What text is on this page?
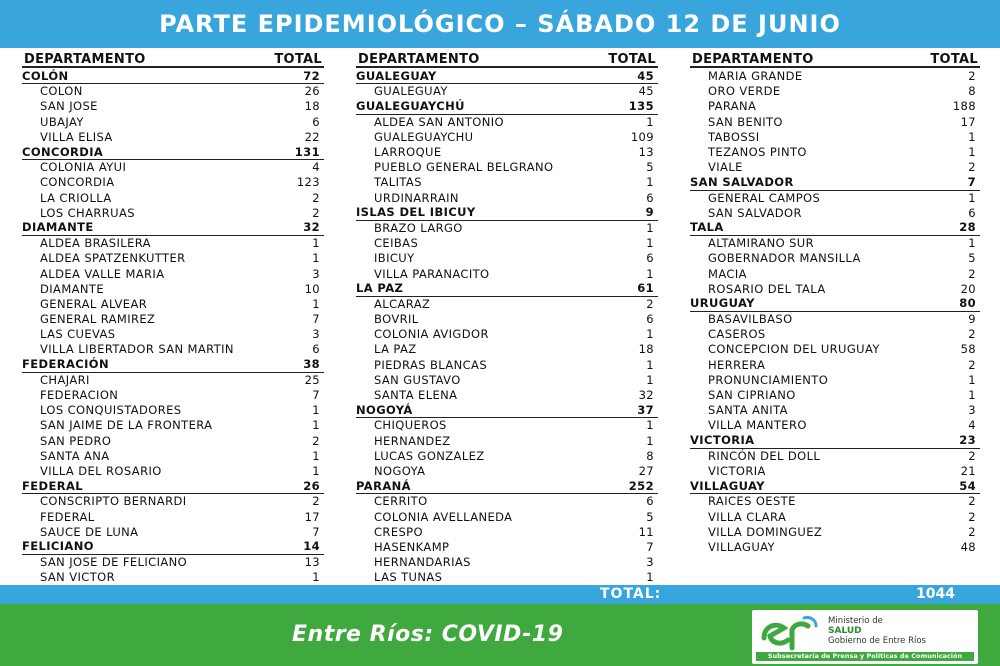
PARTE EPIDEMIOLÓGICO – SÁBADO 12 DE JUNIO
DEPARTAMENTO	TOTAL
COLÓN	72
COLON	26
SAN JOSE	18
UBAJAY	6
VILLA ELISA	22
CONCORDIA	131
COLONIA AYUI	4
CONCORDIA	123
LA CRIOLLA	2
LOS CHARRUAS	2
DIAMANTE	32
ALDEA BRASILERA	1
ALDEA SPATZENKUTTER	1
ALDEA VALLE MARIA	3
DIAMANTE	10
GENERAL ALVEAR	1
GENERAL RAMIREZ	7
LAS CUEVAS	3
VILLA LIBERTADOR SAN MARTIN	6
FEDERACIÓN	38
CHAJARI	25
FEDERACION	7
LOS CONQUISTADORES	1
SAN JAIME DE LA FRONTERA	1
SAN PEDRO	2
SANTA ANA	1
VILLA DEL ROSARIO	1
FEDERAL	26
CONSCRIPTO BERNARDI	2
FEDERAL	17
SAUCE DE LUNA	7
FELICIANO	14
SAN JOSE DE FELICIANO	13
SAN VICTOR	1
DEPARTAMENTO	TOTAL
GUALEGUAY	45
GUALEGUAY	45
GUALEGUAYCHÚ	135
ALDEA SAN ANTONIO	1
GUALEGUAYCHU	109
LARROQUE	13
PUEBLO GENERAL BELGRANO	5
TALITAS	1
URDINARRAIN	6
ISLAS DEL IBICUY	9
BRAZO LARGO	1
CEIBAS	1
IBICUY	6
VILLA PARANACITO	1
LA PAZ	61
ALCARAZ	2
BOVRIL	6
COLONIA AVIGDOR	1
LA PAZ	18
PIEDRAS BLANCAS	1
SAN GUSTAVO	1
SANTA ELENA	32
NOGOYÁ	37
CHIQUEROS	1
HERNANDEZ	1
LUCAS GONZALEZ	8
NOGOYA	27
PARANÁ	252
CERRITO	6
COLONIA AVELLANEDA	5
CRESPO	11
HASENKAMP	7
HERNANDARIAS	3
LAS TUNAS	1
DEPARTAMENTO	TOTAL
MARIA GRANDE	2
ORO VERDE	8
PARANA	188
SAN BENITO	17
TABOSSI	1
TEZANOS PINTO	1
VIALE	2
SAN SALVADOR	7
GENERAL CAMPOS	1
SAN SALVADOR	6
TALA	28
ALTAMIRANO SUR	1
GOBERNADOR MANSILLA	5
MACIA	2
ROSARIO DEL TALA	20
URUGUAY	80
BASAVILBASO	9
CASEROS	2
CONCEPCION DEL URUGUAY	58
HERRERA	2
PRONUNCIAMIENTO	1
SAN CIPRIANO	1
SANTA ANITA	3
VILLA MANTERO	4
VICTORIA	23
RINCÓN DEL DOLL	2
VICTORIA	21
VILLAGUAY	54
RAICES OESTE	2
VILLA CLARA	2
VILLA DOMINGUEZ	2
VILLAGUAY	48
TOTAL:	1044
Entre Ríos: COVID-19
Ministerio de
SALUD
Gobierno de Entre Ríos
Subsecretaría de Prensa y Políticas de Comunicación
